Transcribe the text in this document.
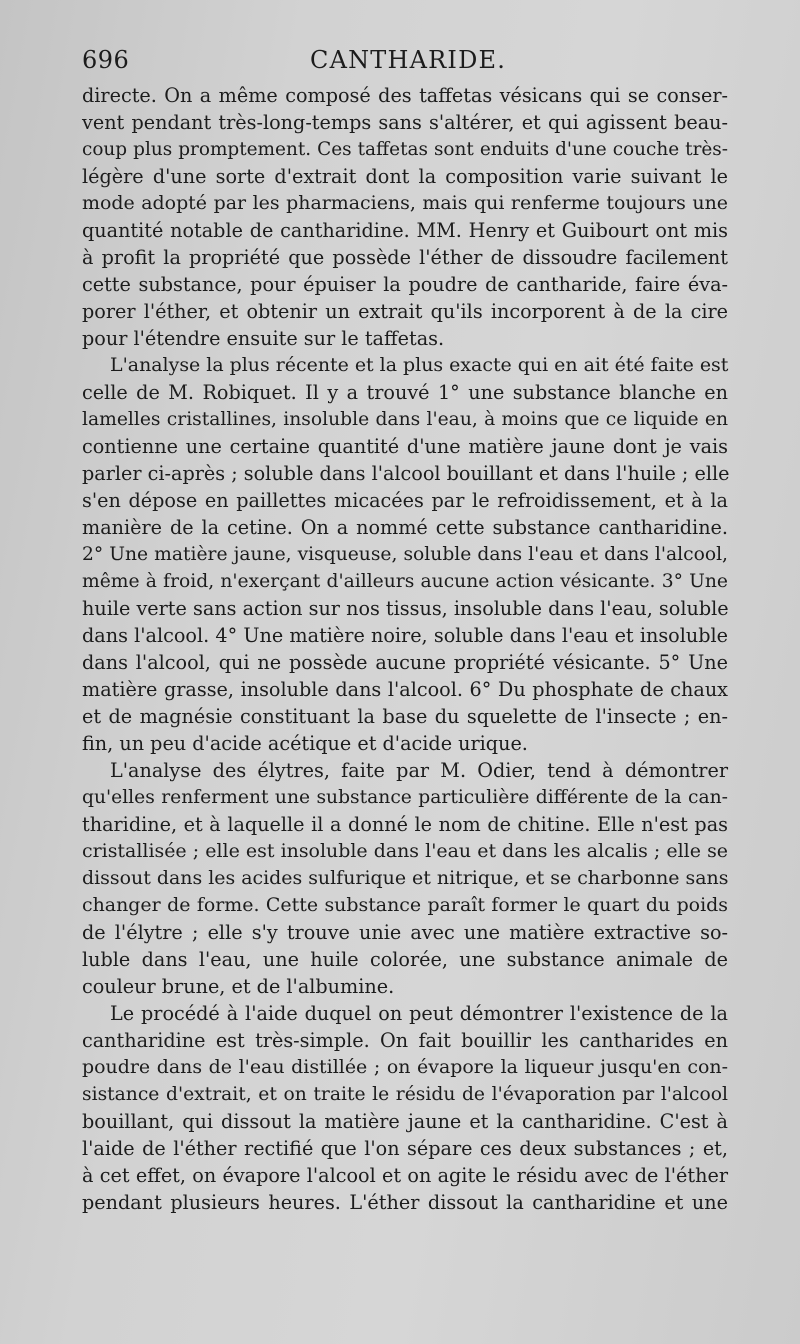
696	CANTHARIDE.
directe. On a même composé des taffetas vésicans qui se conser-
vent pendant très-long-temps sans s'altérer, et qui agissent beau-
coup plus promptement. Ces taffetas sont enduits d'une couche très-
légère d'une sorte d'extrait dont la composition varie suivant le
mode adopté par les pharmaciens, mais qui renferme toujours une
quantité notable de cantharidine. MM. Henry et Guibourt ont mis
à profit la propriété que possède l'éther de dissoudre facilement
cette substance, pour épuiser la poudre de cantharide, faire éva-
porer l'éther, et obtenir un extrait qu'ils incorporent à de la cire
pour l'étendre ensuite sur le taffetas.
L'analyse la plus récente et la plus exacte qui en ait été faite est
celle de M. Robiquet. Il y a trouvé 1° une substance blanche en
lamelles cristallines, insoluble dans l'eau, à moins que ce liquide en
contienne une certaine quantité d'une matière jaune dont je vais
parler ci-après ; soluble dans l'alcool bouillant et dans l'huile ; elle
s'en dépose en paillettes micacées par le refroidissement, et à la
manière de la cetine. On a nommé cette substance cantharidine.
2° Une matière jaune, visqueuse, soluble dans l'eau et dans l'alcool,
même à froid, n'exerçant d'ailleurs aucune action vésicante. 3° Une
huile verte sans action sur nos tissus, insoluble dans l'eau, soluble
dans l'alcool. 4° Une matière noire, soluble dans l'eau et insoluble
dans l'alcool, qui ne possède aucune propriété vésicante. 5° Une
matière grasse, insoluble dans l'alcool. 6° Du phosphate de chaux
et de magnésie constituant la base du squelette de l'insecte ; en-
fin, un peu d'acide acétique et d'acide urique.
L'analyse des élytres, faite par M. Odier, tend à démontrer
qu'elles renferment une substance particulière différente de la can-
tharidine, et à laquelle il a donné le nom de chitine. Elle n'est pas
cristallisée ; elle est insoluble dans l'eau et dans les alcalis ; elle se
dissout dans les acides sulfurique et nitrique, et se charbonne sans
changer de forme. Cette substance paraît former le quart du poids
de l'élytre ; elle s'y trouve unie avec une matière extractive so-
luble dans l'eau, une huile colorée, une substance animale de
couleur brune, et de l'albumine.
Le procédé à l'aide duquel on peut démontrer l'existence de la
cantharidine est très-simple. On fait bouillir les cantharides en
poudre dans de l'eau distillée ; on évapore la liqueur jusqu'en con-
sistance d'extrait, et on traite le résidu de l'évaporation par l'alcool
bouillant, qui dissout la matière jaune et la cantharidine. C'est à
l'aide de l'éther rectifié que l'on sépare ces deux substances ; et,
à cet effet, on évapore l'alcool et on agite le résidu avec de l'éther
pendant plusieurs heures. L'éther dissout la cantharidine et une
